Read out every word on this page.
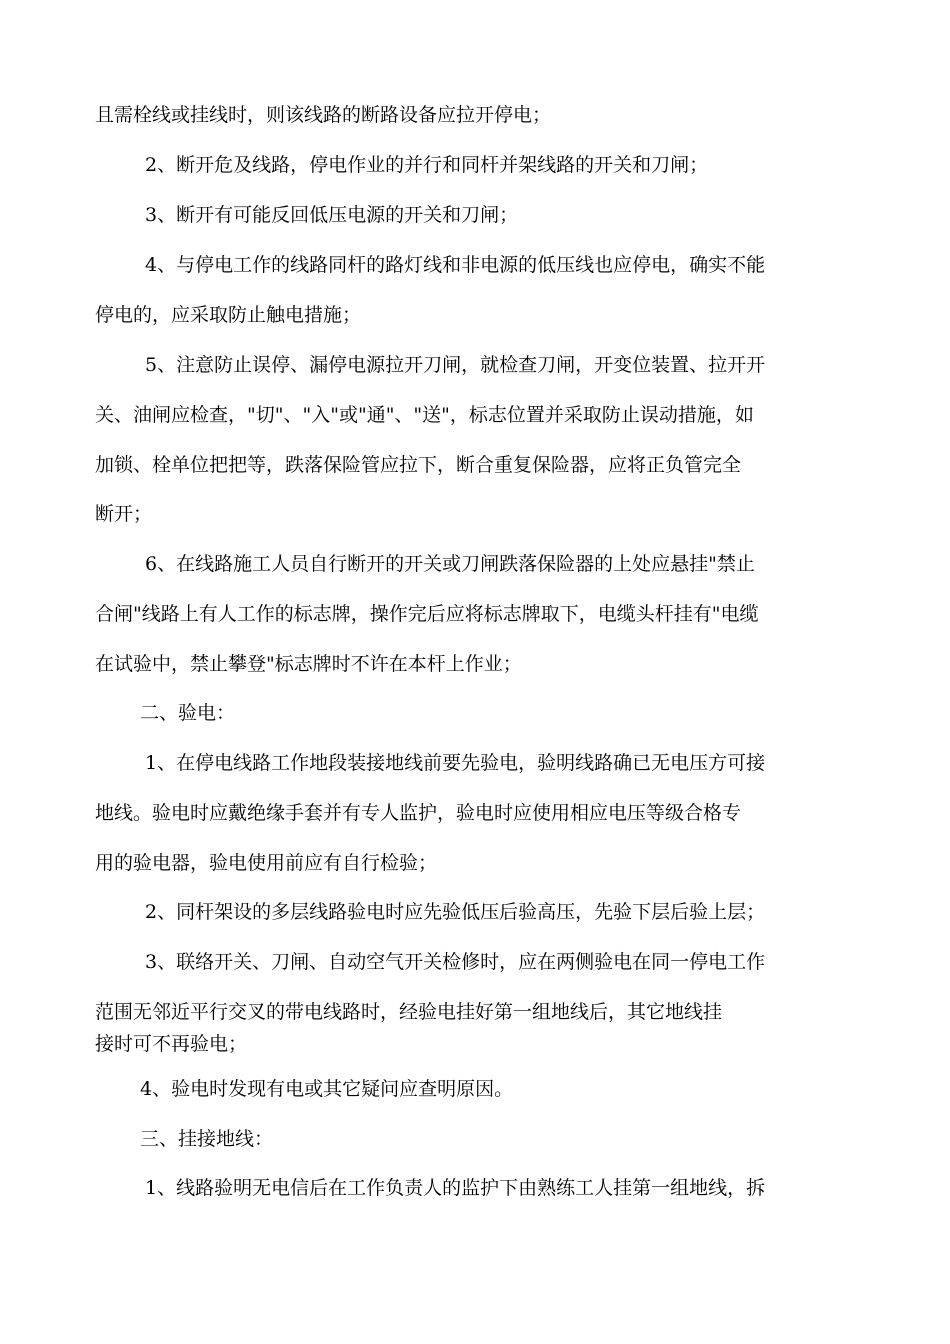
且需栓线或挂线时，则该线路的断路设备应拉开停电；
2、断开危及线路，停电作业的并行和同杆并架线路的开关和刀闸；
3、断开有可能反回低压电源的开关和刀闸；
4、与停电工作的线路同杆的路灯线和非电源的低压线也应停电，确实不能
停电的，应采取防止触电措施；
5、注意防止误停、漏停电源拉开刀闸，就检查刀闸，开变位装置、拉开开
关、油闸应检查，"切"、"入"或"通"、"送"，标志位置并采取防止误动措施，如
加锁、栓单位把把等，跌落保险管应拉下，断合重复保险器，应将正负管完全
断开；
6、在线路施工人员自行断开的开关或刀闸跌落保险器的上处应悬挂"禁止
合闸"线路上有人工作的标志牌，操作完后应将标志牌取下，电缆头杆挂有"电缆
在试验中，禁止攀登"标志牌时不许在本杆上作业；
二、验电：
1、在停电线路工作地段装接地线前要先验电，验明线路确已无电压方可接
地线。验电时应戴绝缘手套并有专人监护，验电时应使用相应电压等级合格专
用的验电器，验电使用前应有自行检验；
2、同杆架设的多层线路验电时应先验低压后验高压，先验下层后验上层；
3、联络开关、刀闸、自动空气开关检修时，应在两侧验电在同一停电工作
范围无邻近平行交叉的带电线路时，经验电挂好第一组地线后，其它地线挂
接时可不再验电；
4、验电时发现有电或其它疑问应查明原因。
三、挂接地线：
1、线路验明无电信后在工作负责人的监护下由熟练工人挂第一组地线，拆
